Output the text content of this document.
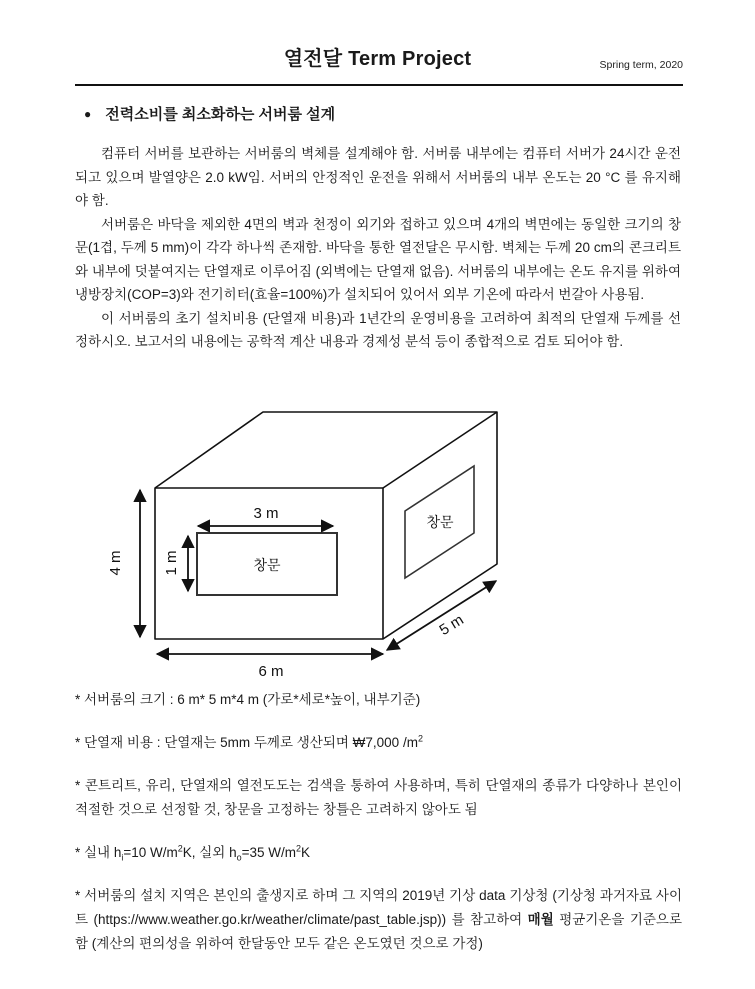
열전달 Term Project	Spring term, 2020
● 전력소비를 최소화하는 서버룸 설계

컴퓨터 서버를 보관하는 서버룸의 벽체를 설계해야 함. 서버룸 내부에는 컴퓨터 서버가 24시간 운전되고 있으며 발열양은 2.0 kW임. 서버의 안정적인 운전을 위해서 서버룸의 내부 온도는 20 °C 를 유지해야 함.

서버룸은 바닥을 제외한 4면의 벽과 천정이 외기와 접하고 있으며 4개의 벽면에는 동일한 크기의 창문(1겹, 두께 5 mm)이 각각 하나씩 존재함. 바닥을 통한 열전달은 무시함. 벽체는 두께 20 cm의 콘크리트와 내부에 덧붙여지는 단열재로 이루어짐 (외벽에는 단열재 없음). 서버룸의 내부에는 온도 유지를 위하여 냉방장치(COP=3)와 전기히터(효율=100%)가 설치되어 있어서 외부 기온에 따라서 번갈아 사용됨.

이 서버룸의 초기 설치비용 (단열재 비용)과 1년간의 운영비용을 고려하여 최적의 단열재 두께를 선정하시오. 보고서의 내용에는 공학적 계산 내용과 경제성 분석 등이 종합적으로 검토 되어야 함.

창문
창문
3 m
1 m
4 m
6 m
5 m

* 서버룸의 크기 : 6 m* 5 m*4 m (가로*세로*높이, 내부기준)

* 단열재 비용 : 단열재는 5mm 두께로 생산되며 ₩7,000 $/m^2$

* 콘트리트, 유리, 단열재의 열전도도는 검색을 통하여 사용하며, 특히 단열재의 종류가 다양하나 본인이 적절한 것으로 선정할 것, 창문을 고정하는 창틀은 고려하지 않아도 됨

* 실내 $h_i=10$ $W/m^2K$, 실외 $h_o=35$ $W/m^2K$

* 서버룸의 설치 지역은 본인의 출생지로 하며 그 지역의 2019년 기상 data 기상청 (기상청 과거자료 사이트 (https://www.weather.go.kr/weather/climate/past_table.jsp)) 를 참고하여 매월 평균기온을 기준으로 함 (계산의 편의성을 위하여 한달동안 모두 같은 온도였던 것으로 가정)
